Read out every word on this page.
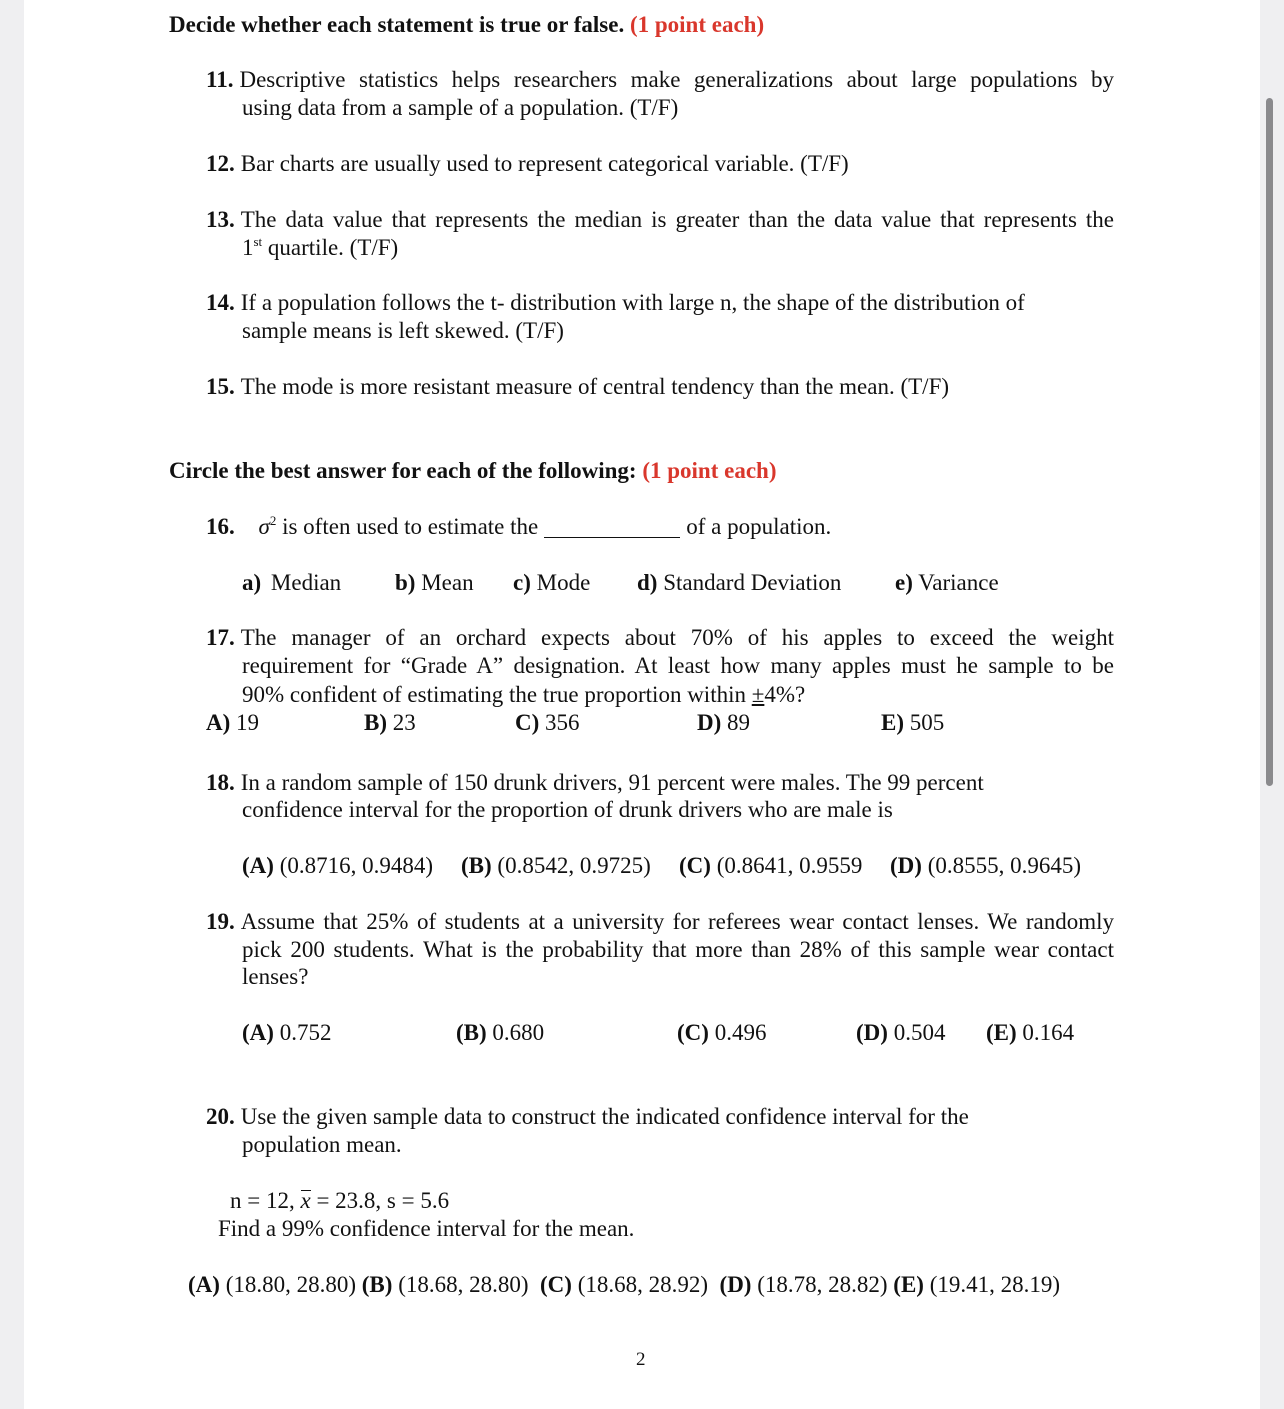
Decide whether each statement is true or false. (1 point each)
11. Descriptive statistics helps researchers make generalizations about large populations by
using data from a sample of a population. (T/F)
12. Bar charts are usually used to represent categorical variable. (T/F)
13. The data value that represents the median is greater than the data value that represents the
1st quartile. (T/F)
14. If a population follows the t- distribution with large n, the shape of the distribution of
sample means is left skewed. (T/F)
15. The mode is more resistant measure of central tendency than the mean. (T/F)
Circle the best answer for each of the following: (1 point each)
16. $\sigma^2$ is often used to estimate the	of a population.
a) Median b) Mean c) Mode d) Standard Deviation e) Variance
17. The manager of an orchard expects about 70% of his apples to exceed the weight
requirement for “Grade A” designation. At least how many apples must he sample to be
90% confident of estimating the true proportion within ±4%?
A) 19	B) 23	C) 356	D) 89	E) 505
18. In a random sample of 150 drunk drivers, 91 percent were males. The 99 percent
confidence interval for the proportion of drunk drivers who are male is
(A) (0.8716, 0.9484) (B) (0.8542, 0.9725) (C) (0.8641, 0.9559 (D) (0.8555, 0.9645)
19. Assume that 25% of students at a university for referees wear contact lenses. We randomly
pick 200 students. What is the probability that more than 28% of this sample wear contact
lenses?
(A) 0.752	(B) 0.680	(C) 0.496	(D) 0.504 (E) 0.164
20. Use the given sample data to construct the indicated confidence interval for the
population mean.
n = 12, x = 23.8, s = 5.6
Find a 99% confidence interval for the mean.
(A) (18.80, 28.80) (B) (18.68, 28.80) (C) (18.68, 28.92) (D) (18.78, 28.82) (E) (19.41, 28.19)
2
